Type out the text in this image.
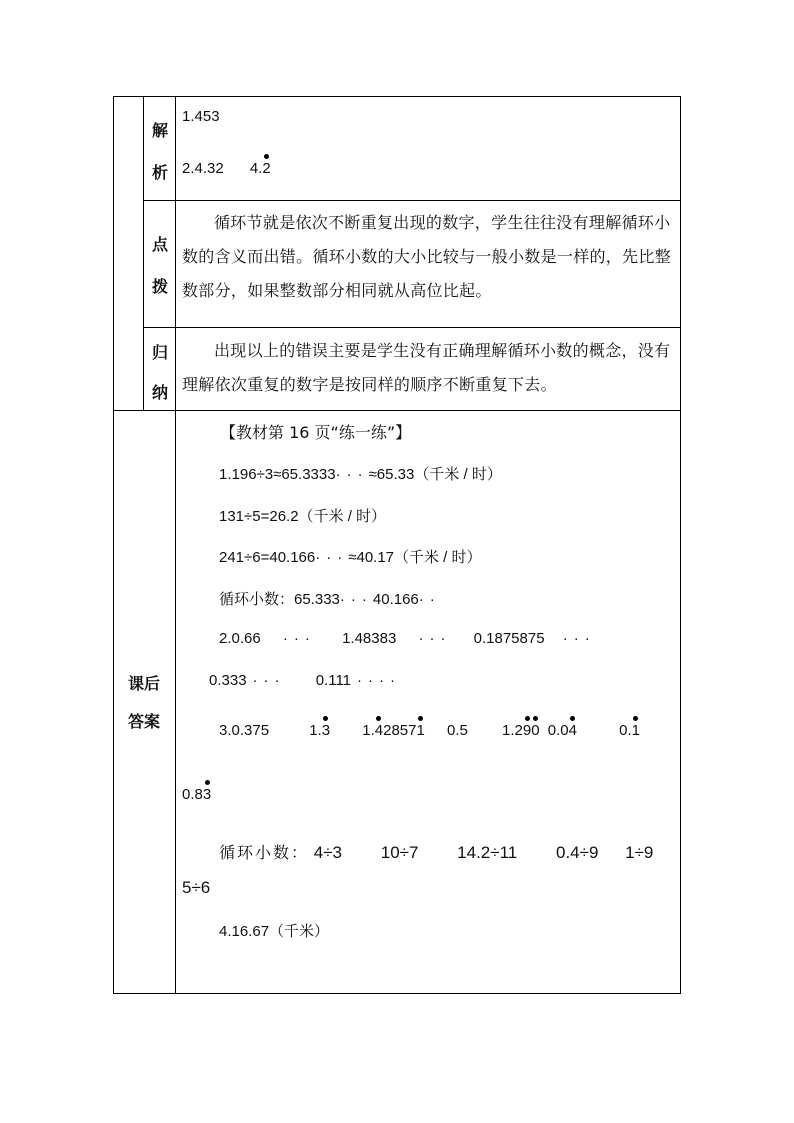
解
析
1.453
2.4.32 4.2
点
拨
循环节就是依次不断重复出现的数字，学生往往没有理解循环小数的含义而出错。循环小数的大小比较与一般小数是一样的，先比整数部分，如果整数部分相同就从高位比起。
归
纳
出现以上的错误主要是学生没有正确理解循环小数的概念，没有理解依次重复的数字是按同样的顺序不断重复下去。
课后
答案
【教材第 16 页“练一练”】
1.196÷3≈65.3333···≈65.33（千米 / 时）
131÷5=26.2（千米 / 时）
241÷6=40.166···≈40.17（千米 / 时）
循环小数：65.333···40.166··
2.0.66 ··· 1.48383 ··· 0.1875875 ···
0.333 ··· 0.111 ····
3.0.375	1.3 1.428571 0.5 1.290 0.04	0.1
0.83
循环小数： 4÷3 10÷7 14.2÷11 0.4÷9 1÷9
5÷6
4.16.67（千米）
